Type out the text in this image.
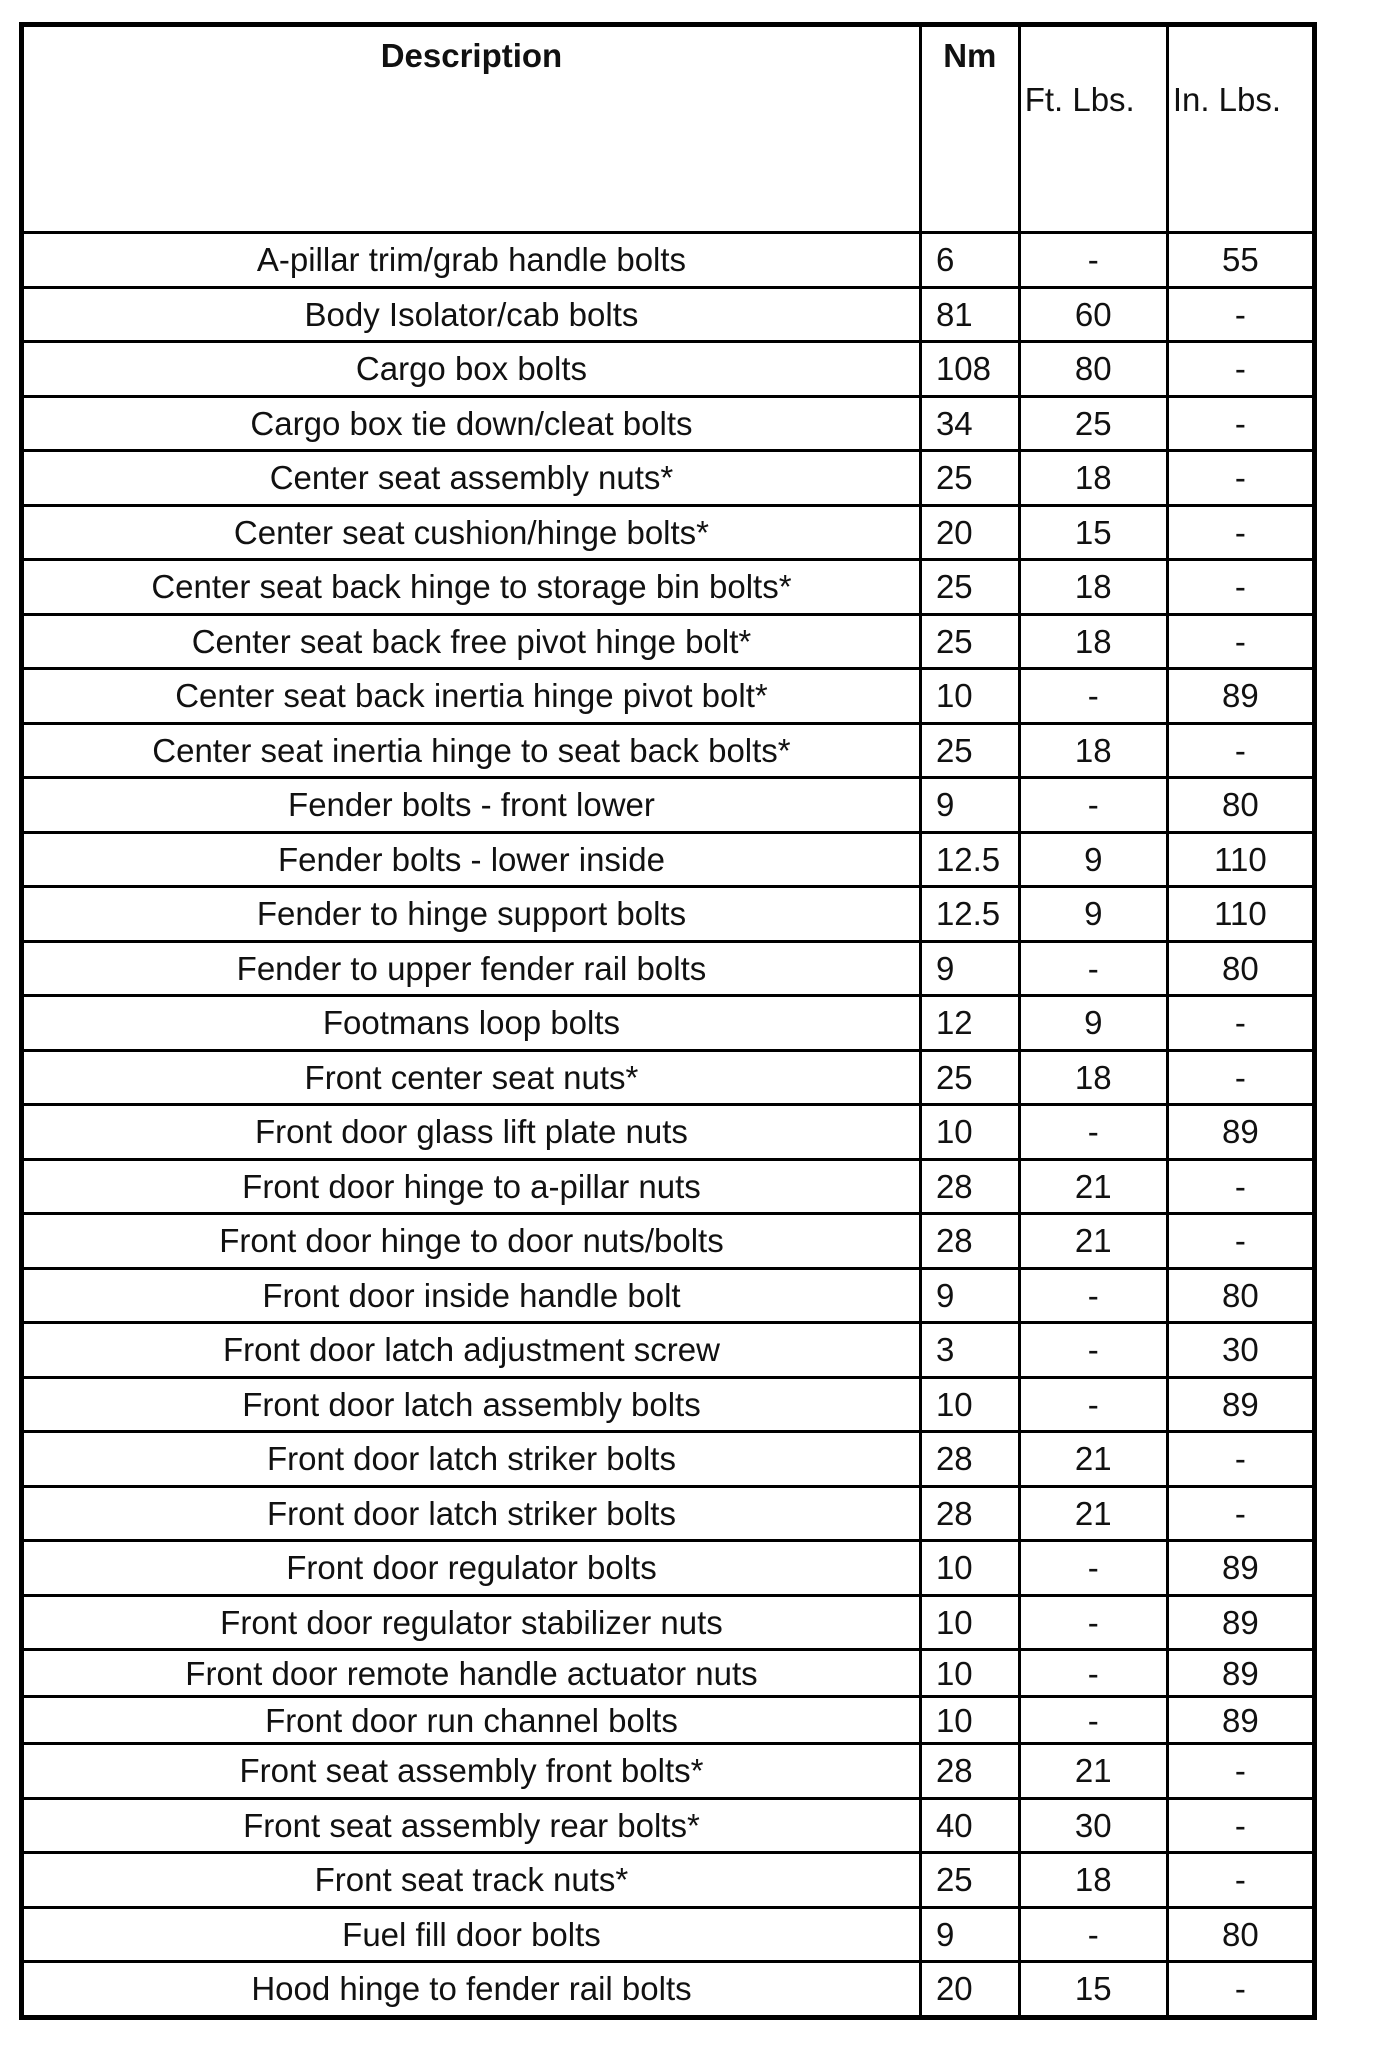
Description	Nm	Ft. Lbs.	In. Lbs.
A-pillar trim/grab handle bolts	6	-	55
Body Isolator/cab bolts	81	60	-
Cargo box bolts	108	80	-
Cargo box tie down/cleat bolts	34	25	-
Center seat assembly nuts*	25	18	-
Center seat cushion/hinge bolts*	20	15	-
Center seat back hinge to storage bin bolts*	25	18	-
Center seat back free pivot hinge bolt*	25	18	-
Center seat back inertia hinge pivot bolt*	10	-	89
Center seat inertia hinge to seat back bolts*	25	18	-
Fender bolts - front lower	9	-	80
Fender bolts - lower inside	12.5	9	110
Fender to hinge support bolts	12.5	9	110
Fender to upper fender rail bolts	9	-	80
Footmans loop bolts	12	9	-
Front center seat nuts*	25	18	-
Front door glass lift plate nuts	10	-	89
Front door hinge to a-pillar nuts	28	21	-
Front door hinge to door nuts/bolts	28	21	-
Front door inside handle bolt	9	-	80
Front door latch adjustment screw	3	-	30
Front door latch assembly bolts	10	-	89
Front door latch striker bolts	28	21	-
Front door latch striker bolts	28	21	-
Front door regulator bolts	10	-	89
Front door regulator stabilizer nuts	10	-	89
Front door remote handle actuator nuts	10	-	89
Front door run channel bolts	10	-	89
Front seat assembly front bolts*	28	21	-
Front seat assembly rear bolts*	40	30	-
Front seat track nuts*	25	18	-
Fuel fill door bolts	9	-	80
Hood hinge to fender rail bolts	20	15	-
